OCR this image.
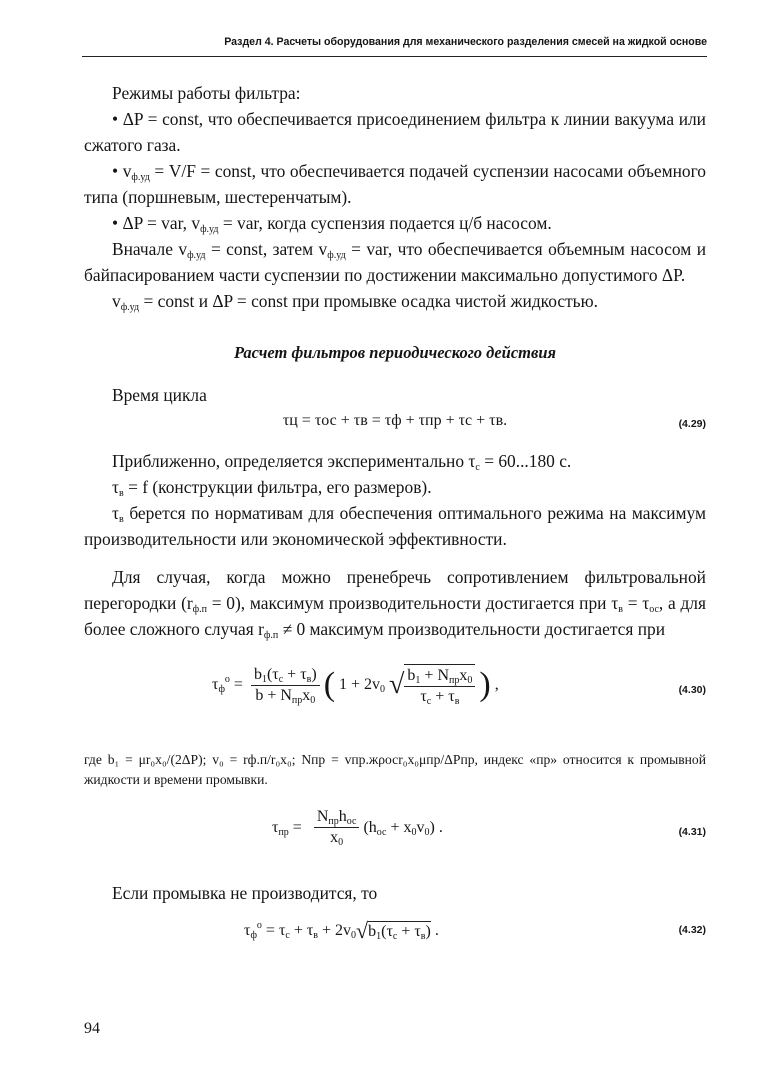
Раздел 4. Расчеты оборудования для механического разделения смесей на жидкой основе

Режимы работы фильтра:

• ΔP = const, что обеспечивается присоединением фильтра к линии вакуума или сжатого газа.

• $v_{ф.уд} = V/F$ = const, что обеспечивается подачей суспензии насосами объемного типа (поршневым, шестеренчатым).

• ΔP = var, $v_{ф.уд}$ = var, когда суспензия подается ц/б насосом.

Вначале $v_{ф.уд}$ = const, затем $v_{ф.уд}$ = var, что обеспечивается объемным насосом и байпасированием части суспензии по достижении максимально допустимого ΔP.

$v_{ф.уд}$ = const и ΔP = const при промывке осадка чистой жидкостью.

Расчет фильтров периодического действия

Время цикла

τц = τос + τв = τф + τпр + τс + τв.	(4.29)

Приближенно, определяется экспериментально $\tau_с = 60...180$ с.

$\tau_в = f$ (конструкции фильтра, его размеров).

$\tau_в$ берется по нормативам для обеспечения оптимального режима на максимум производительности или экономической эффективности.

Для случая, когда можно пренебречь сопротивлением фильтровальной перегородки $(r_{ф.п} = 0)$, максимум производительности достигается при $\tau_в = \tau_{ос}$, а для более сложного случая $r_{ф.п} \ne 0$ максимум производительности достигается при

$\tau_ф^о = \frac{b_1(\tau_с + \tau_в)}{b + N_{пр}x_0}$ ( $1 + 2v_0$ √ $\frac{b_1 + N_{пр}x_0}{\tau_с + \tau_в}$ ) ,	(4.30)

где b₁ = μr₀x₀/(2ΔP); v₀ = rф.п/r₀x₀; Nпр = vпр.жρосr₀x₀μпр/ΔPпр, индекс «пр» относится к промывной жидкости и времени промывки.

$\tau_{пр} = \frac{N_{пр}h_{ос}}{x_0} (h_{ос} + x_0v_0)$ .	(4.31)

Если промывка не производится, то

$\tau_ф^о = \tau_с + \tau_в + 2v_0√b_1(\tau_с + \tau_в)$ .	(4.32)
94
